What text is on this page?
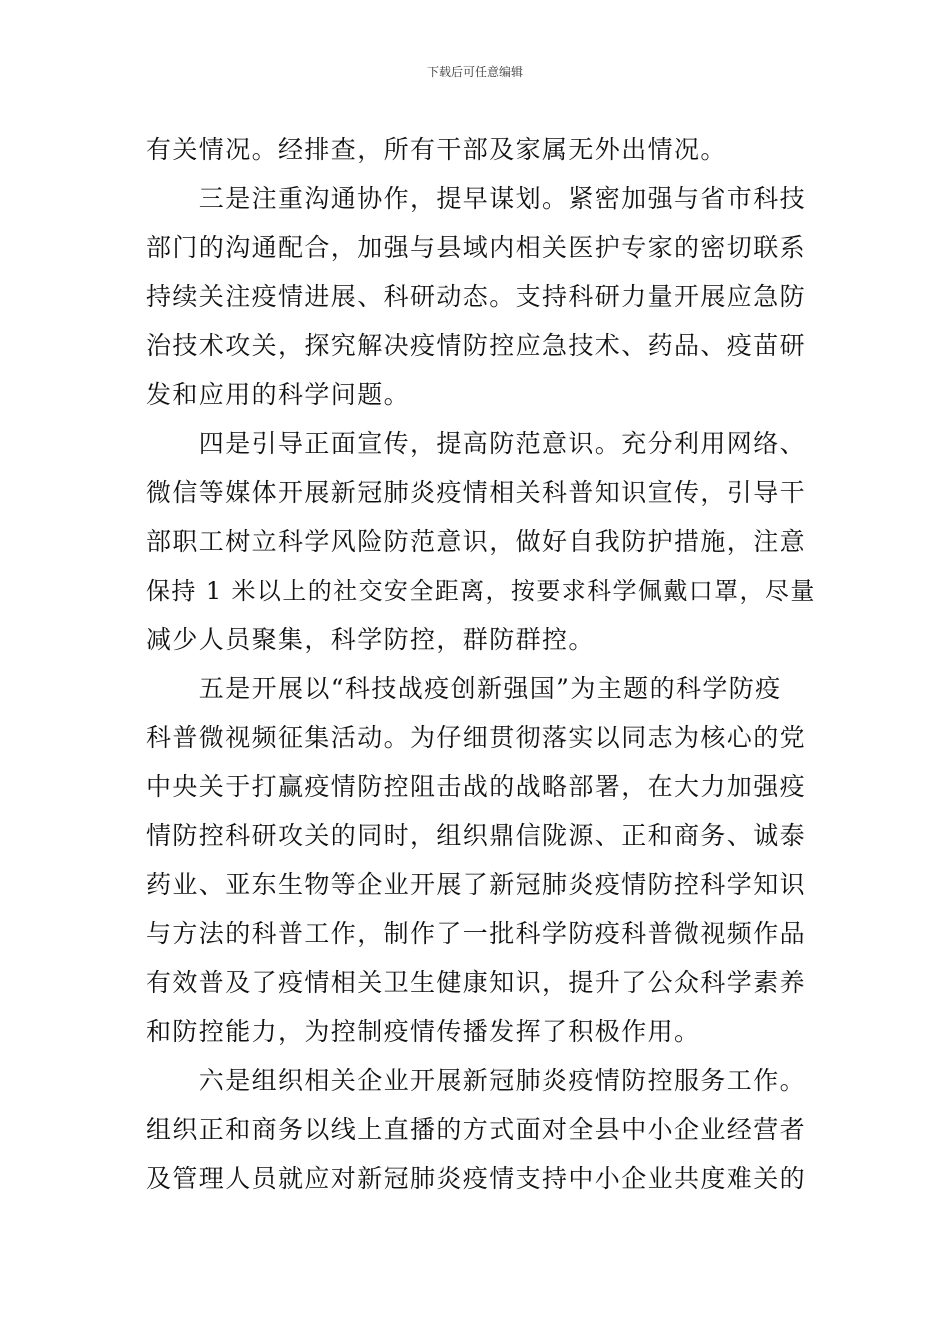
下载后可任意编辑
有关情况。经排查，所有干部及家属无外出情况。
　　三是注重沟通协作，提早谋划。紧密加强与省市科技
部门的沟通配合，加强与县域内相关医护专家的密切联系
持续关注疫情进展、科研动态。支持科研力量开展应急防
治技术攻关，探究解决疫情防控应急技术、药品、疫苗研
发和应用的科学问题。
　　四是引导正面宣传，提高防范意识。充分利用网络、
微信等媒体开展新冠肺炎疫情相关科普知识宣传，引导干
部职工树立科学风险防范意识，做好自我防护措施，注意
保持 1 米以上的社交安全距离，按要求科学佩戴口罩，尽量
减少人员聚集，科学防控，群防群控。
　　五是开展以“科技战疫创新强国”为主题的科学防疫
科普微视频征集活动。为仔细贯彻落实以同志为核心的党
中央关于打赢疫情防控阻击战的战略部署，在大力加强疫
情防控科研攻关的同时，组织鼎信陇源、正和商务、诚泰
药业、亚东生物等企业开展了新冠肺炎疫情防控科学知识
与方法的科普工作，制作了一批科学防疫科普微视频作品
有效普及了疫情相关卫生健康知识，提升了公众科学素养
和防控能力，为控制疫情传播发挥了积极作用。
　　六是组织相关企业开展新冠肺炎疫情防控服务工作。
组织正和商务以线上直播的方式面对全县中小企业经营者
及管理人员就应对新冠肺炎疫情支持中小企业共度难关的
